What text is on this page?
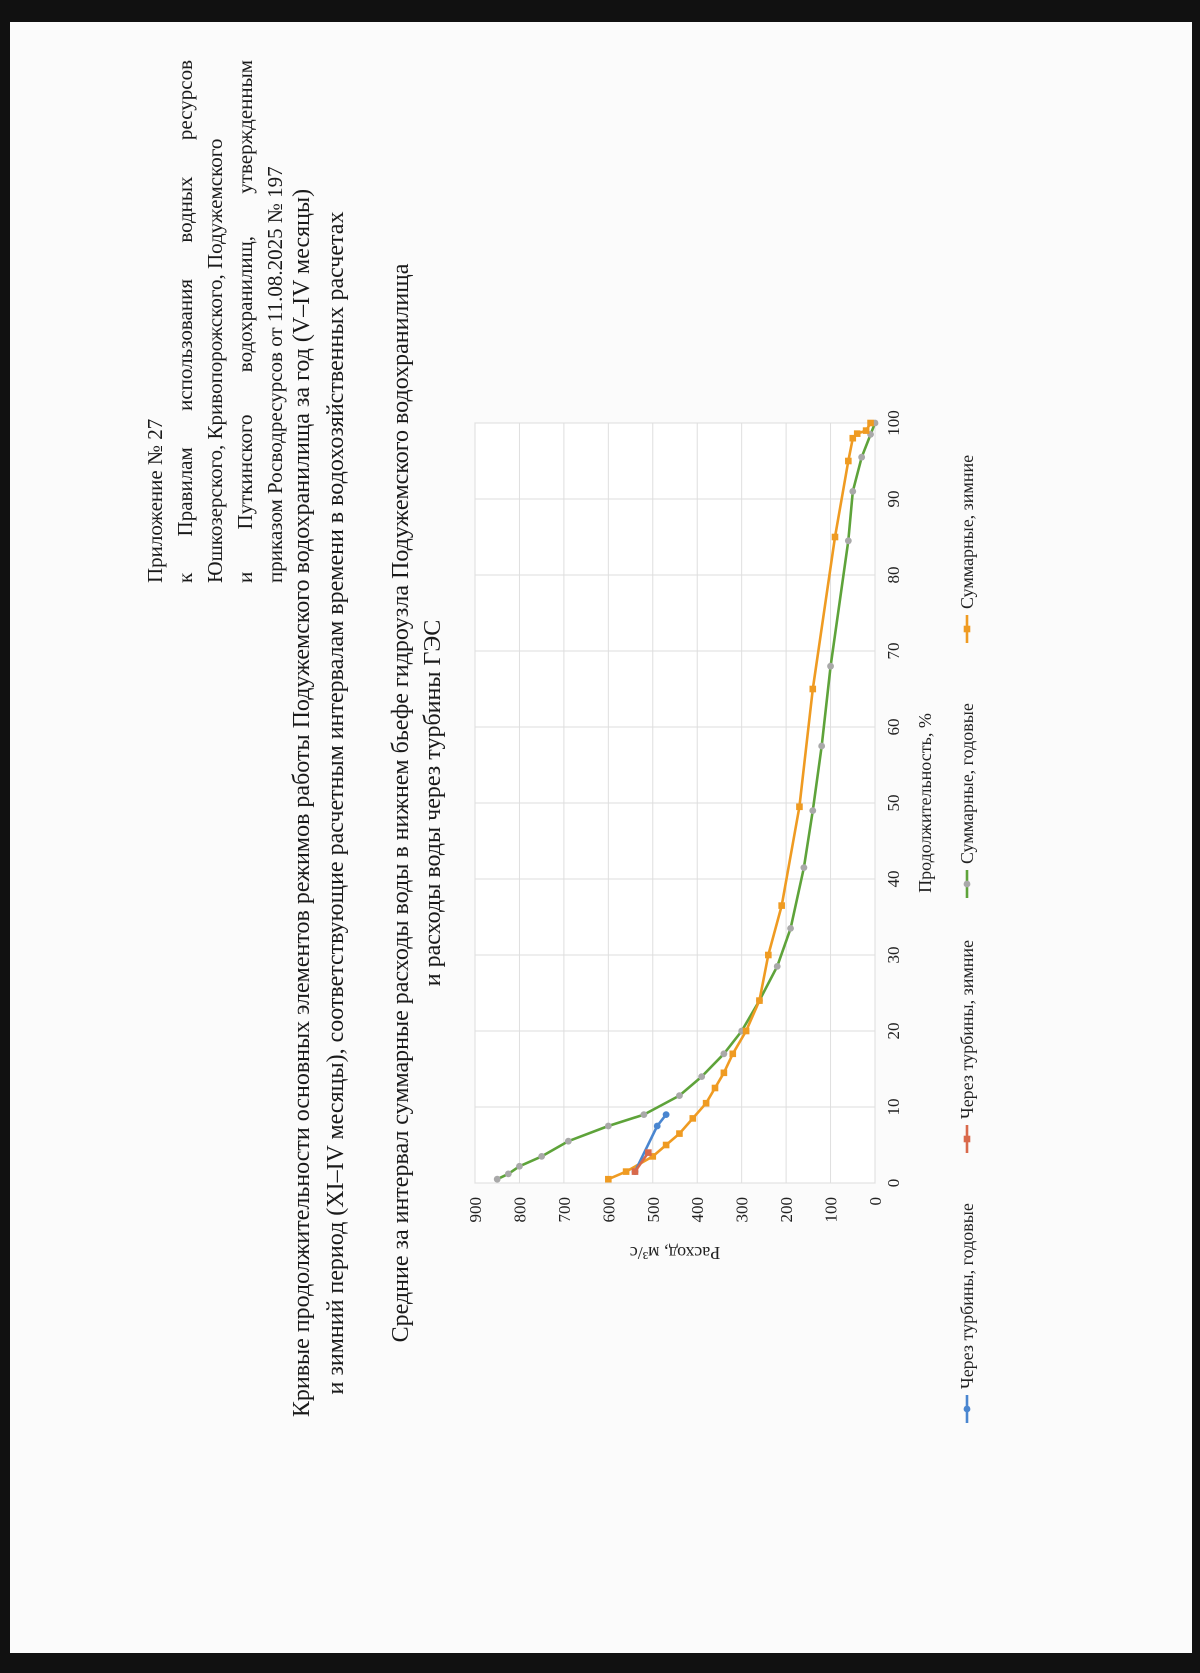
Приложение № 27 к Правилам использования водных ресурсов Юшкозерского, Кривопорожского, Подужемского и Путкинского водохранилищ, утвержденным приказом Росводресурсов от 11.08.2025 № 197 Кривые продолжительности основных элементов режимов работы Подужемского водохранилища за год (V–IV месяцы) и зимний период (XI–IV месяцы), соответствующие расчетным интервалам времени в водохозяйственных расчетах Средние за интервал суммарные расходы воды в нижнем бьефе гидроузла Подужемского водохранилища и расходы воды через турбины ГЭС
0
10
20
30
40
50
60
70
80
90
100
0
100
200
300
400
500
600
700
800
900
Продолжительность, %
Расход, м³/с	Через турбины, годовые
Через турбины, зимние
Суммарные, годовые
Суммарные, зимние
